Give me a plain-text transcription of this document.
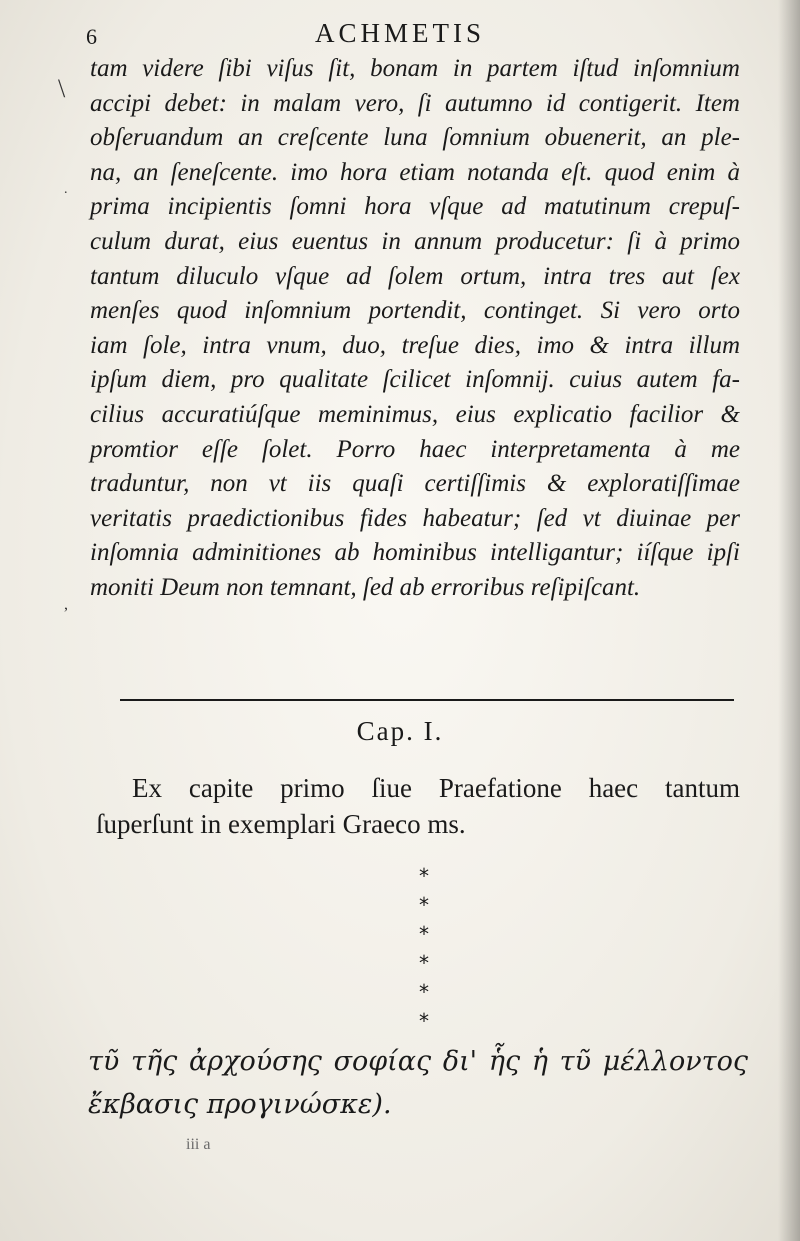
6	ACHMETIS
\
.
,
tam videre ſibi viſus ſit, bonam in partem iſtud inſomnium
accipi debet: in malam vero, ſi autumno id contigerit. Item
obſeruandum an creſcente luna ſomnium obuenerit, an ple-
na, an ſeneſcente. imo hora etiam notanda eſt. quod enim à
prima incipientis ſomni hora vſque ad matutinum crepuſ-
culum durat, eius euentus in annum producetur: ſi à primo
tantum diluculo vſque ad ſolem ortum, intra tres aut ſex
menſes quod inſomnium portendit, continget. Si vero orto
iam ſole, intra vnum, duo, treſue dies, imo & intra illum
ipſum diem, pro qualitate ſcilicet inſomnij. cuius autem fa-
cilius accuratiúſque meminimus, eius explicatio facilior &
promtior eſſe ſolet. Porro haec interpretamenta à me
traduntur, non vt iis quaſi certiſſimis & exploratiſſimae
veritatis praedictionibus fides habeatur; ſed vt diuinae per
inſomnia adminitiones ab hominibus intelligantur; iíſque ipſi
moniti Deum non temnant, ſed ab erroribus reſipiſcant.
Cap. I.
Ex capite primo ſiue Praefatione haec tantum
ſuperſunt in exemplari Graeco ms.
*
*
*
*
*
*
τῦ τῆς ἀρχούσης σοφίας δι' ἧς ἡ τῦ μέλλοντος
ἔκβασις προγινώσκε).
iii a
